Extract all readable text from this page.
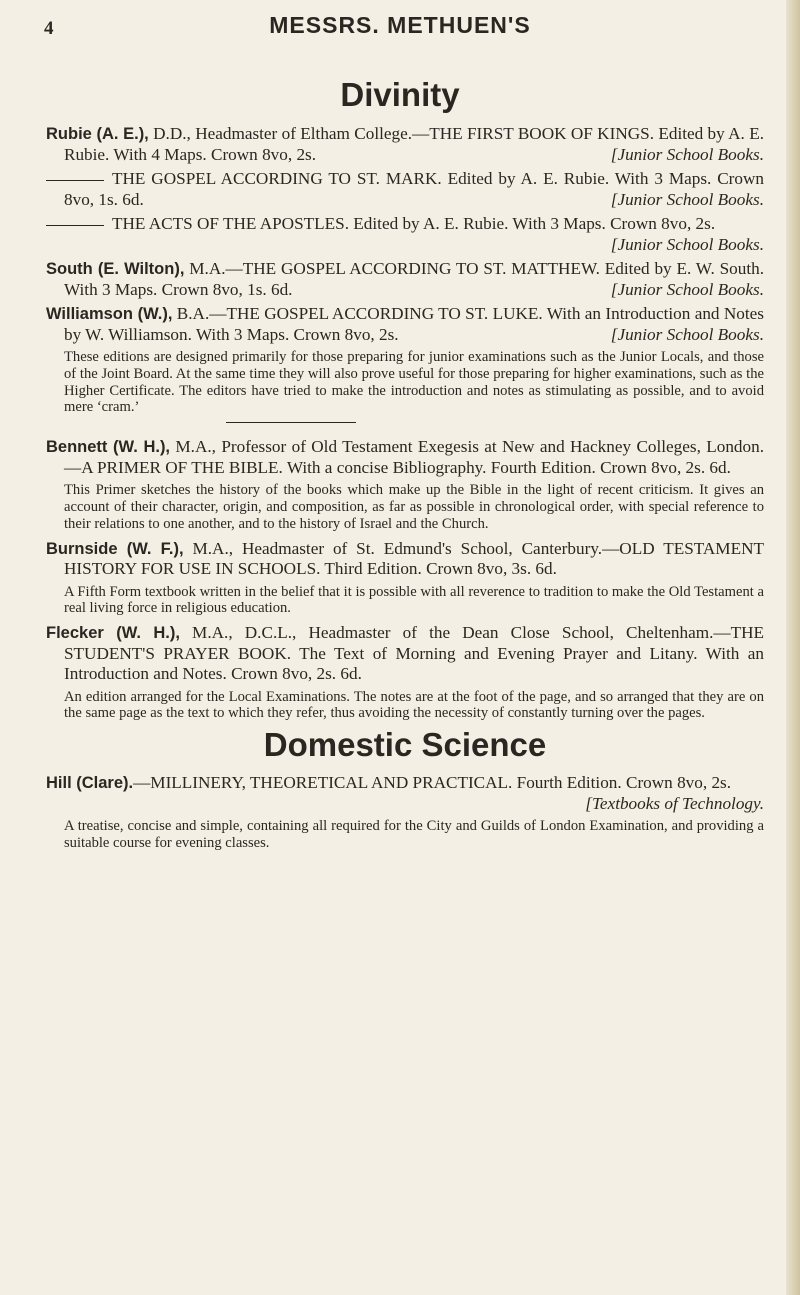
4	MESSRS. METHUEN'S
Divinity

Rubie (A. E.), D.D., Headmaster of Eltham College.—THE FIRST BOOK OF KINGS. Edited by A. E. Rubie. With 4 Maps. Crown 8vo, 2s.	[Junior School Books.

THE GOSPEL ACCORDING TO ST. MARK. Edited by A. E. Rubie. With 3 Maps. Crown 8vo, 1s. 6d.	[Junior School Books.

THE ACTS OF THE APOSTLES. Edited by A. E. Rubie. With 3 Maps. Crown 8vo, 2s.
[Junior School Books.

South (E. Wilton), M.A.—THE GOSPEL ACCORDING TO ST. MATTHEW. Edited by E. W. South. With 3 Maps. Crown 8vo, 1s. 6d.	[Junior School Books.

Williamson (W.), B.A.—THE GOSPEL ACCORDING TO ST. LUKE. With an Introduction and Notes by W. Williamson. With 3 Maps. Crown 8vo, 2s.	[Junior School Books.

These editions are designed primarily for those preparing for junior examinations such as the Junior Locals, and those of the Joint Board. At the same time they will also prove useful for those preparing for higher examinations, such as the Higher Certificate. The editors have tried to make the introduction and notes as stimulating as possible, and to avoid mere ‘cram.’

Bennett (W. H.), M.A., Professor of Old Testament Exegesis at New and Hackney Colleges, London.—A PRIMER OF THE BIBLE. With a concise Bibliography. Fourth Edition. Crown 8vo, 2s. 6d.

This Primer sketches the history of the books which make up the Bible in the light of recent criticism. It gives an account of their character, origin, and composition, as far as possible in chronological order, with special reference to their relations to one another, and to the history of Israel and the Church.

Burnside (W. F.), M.A., Headmaster of St. Edmund's School, Canterbury.—OLD TESTAMENT HISTORY FOR USE IN SCHOOLS. Third Edition. Crown 8vo, 3s. 6d.

A Fifth Form textbook written in the belief that it is possible with all reverence to tradition to make the Old Testament a real living force in religious education.

Flecker (W. H.), M.A., D.C.L., Headmaster of the Dean Close School, Cheltenham.—THE STUDENT'S PRAYER BOOK. The Text of Morning and Evening Prayer and Litany. With an Introduction and Notes. Crown 8vo, 2s. 6d.

An edition arranged for the Local Examinations. The notes are at the foot of the page, and so arranged that they are on the same page as the text to which they refer, thus avoiding the necessity of constantly turning over the pages.

Domestic Science

Hill (Clare).—MILLINERY, THEORETICAL AND PRACTICAL. Fourth Edition. Crown 8vo, 2s.
[Textbooks of Technology.

A treatise, concise and simple, containing all required for the City and Guilds of London Examination, and providing a suitable course for evening classes.
